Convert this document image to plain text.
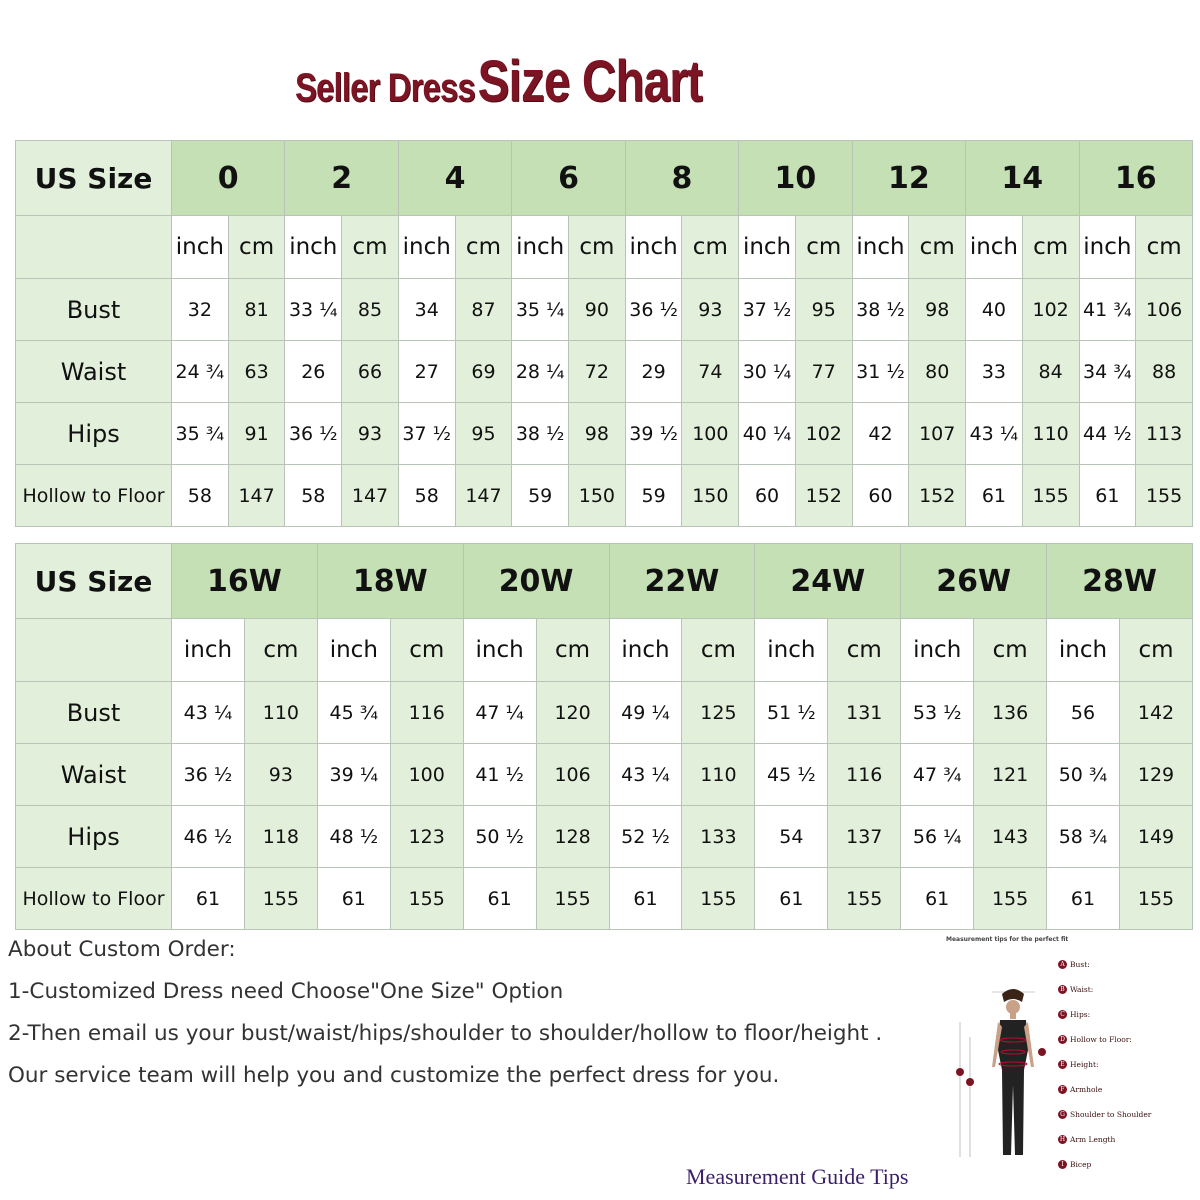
Seller Dress Size Chart
US Size	0		2		4		6		8		10		12		14		16	
	inch	cm	inch	cm	inch	cm	inch	cm	inch	cm	inch	cm	inch	cm	inch	cm	inch	cm
Bust	32	81	33 ¼	85	34	87	35 ¼	90	36 ½	93	37 ½	95	38 ½	98	40	102	41 ¾	106
Waist	24 ¾	63	26	66	27	69	28 ¼	72	29	74	30 ¼	77	31 ½	80	33	84	34 ¾	88
Hips	35 ¾	91	36 ½	93	37 ½	95	38 ½	98	39 ½	100	40 ¼	102	42	107	43 ¼	110	44 ½	113
Hollow to Floor	58	147	58	147	58	147	59	150	59	150	60	152	60	152	61	155	61	155
US Size	16W		18W		20W		22W		24W		26W		28W	
	inch	cm	inch	cm	inch	cm	inch	cm	inch	cm	inch	cm	inch	cm
Bust	43 ¼	110	45 ¾	116	47 ¼	120	49 ¼	125	51 ½	131	53 ½	136	56	142
Waist	36 ½	93	39 ¼	100	41 ½	106	43 ¼	110	45 ½	116	47 ¾	121	50 ¾	129
Hips	46 ½	118	48 ½	123	50 ½	128	52 ½	133	54	137	56 ¼	143	58 ¾	149
Hollow to Floor	61	155	61	155	61	155	61	155	61	155	61	155	61	155
About Custom Order:
1-Customized Dress need Choose"One Size" Option
2-Then email us your bust/waist/hips/shoulder to shoulder/hollow to floor/height .
Our service team will help you and customize the perfect dress for you.
Measurement tips for the perfect fit
A Bust:
B Waist:
C Hips:
D Hollow to Floor:
E Height:
F Armhole
G Shoulder to Shoulder
H Arm Length
I Bicep
Measurement Guide Tips
